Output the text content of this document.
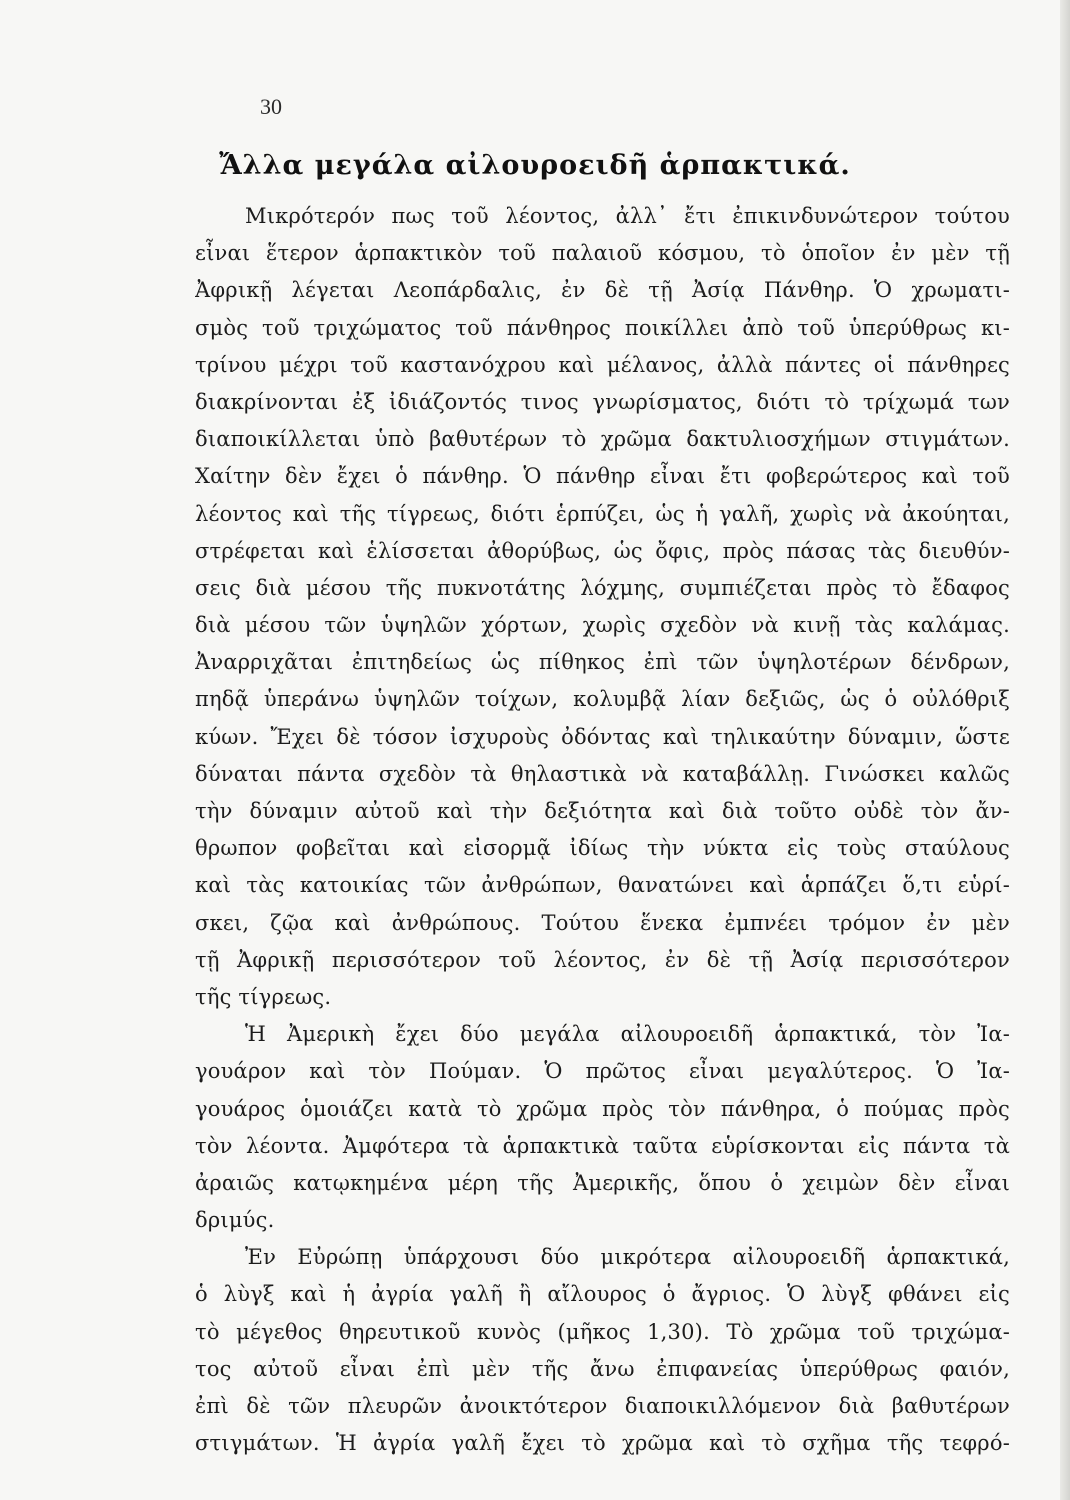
30
Ἄλλα μεγάλα αἰλουροειδῆ ἁρπακτικά.
Μικρότερόν πως τοῦ λέοντος, ἀλλ᾽ ἔτι ἐπικινδυνώτερον τούτου
εἶναι ἕτερον ἁρπακτικὸν τοῦ παλαιοῦ κόσμου, τὸ ὁποῖον ἐν μὲν τῇ
Ἀφρικῇ λέγεται Λεοπάρδαλις, ἐν δὲ τῇ Ἀσίᾳ Πάνθηρ. Ὁ χρωματι-
σμὸς τοῦ τριχώματος τοῦ πάνθηρος ποικίλλει ἀπὸ τοῦ ὑπερύθρως κι-
τρίνου μέχρι τοῦ καστανόχρου καὶ μέλανος, ἀλλὰ πάντες οἱ πάνθηρες
διακρίνονται ἐξ ἰδιάζοντός τινος γνωρίσματος, διότι τὸ τρίχωμά των
διαποικίλλεται ὑπὸ βαθυτέρων τὸ χρῶμα δακτυλιοσχήμων στιγμάτων.
Χαίτην δὲν ἔχει ὁ πάνθηρ. Ὁ πάνθηρ εἶναι ἔτι φοβερώτερος καὶ τοῦ
λέοντος καὶ τῆς τίγρεως, διότι ἑρπύζει, ὡς ἡ γαλῆ, χωρὶς νὰ ἀκούηται,
στρέφεται καὶ ἑλίσσεται ἀθορύβως, ὡς ὄφις, πρὸς πάσας τὰς διευθύν-
σεις διὰ μέσου τῆς πυκνοτάτης λόχμης, συμπιέζεται πρὸς τὸ ἔδαφος
διὰ μέσου τῶν ὑψηλῶν χόρτων, χωρὶς σχεδὸν νὰ κινῇ τὰς καλάμας.
Ἀναρριχᾶται ἐπιτηδείως ὡς πίθηκος ἐπὶ τῶν ὑψηλοτέρων δένδρων,
πηδᾷ ὑπεράνω ὑψηλῶν τοίχων, κολυμβᾷ λίαν δεξιῶς, ὡς ὁ οὐλόθριξ
κύων. Ἔχει δὲ τόσον ἰσχυροὺς ὀδόντας καὶ τηλικαύτην δύναμιν, ὥστε
δύναται πάντα σχεδὸν τὰ θηλαστικὰ νὰ καταβάλλῃ. Γινώσκει καλῶς
τὴν δύναμιν αὐτοῦ καὶ τὴν δεξιότητα καὶ διὰ τοῦτο οὐδὲ τὸν ἄν-
θρωπον φοβεῖται καὶ εἰσορμᾷ ἰδίως τὴν νύκτα εἰς τοὺς σταύλους
καὶ τὰς κατοικίας τῶν ἀνθρώπων, θανατώνει καὶ ἁρπάζει ὅ,τι εὑρί-
σκει, ζῷα καὶ ἀνθρώπους. Τούτου ἕνεκα ἐμπνέει τρόμον ἐν μὲν
τῇ Ἀφρικῇ περισσότερον τοῦ λέοντος, ἐν δὲ τῇ Ἀσίᾳ περισσότερον
τῆς τίγρεως.
Ἡ Ἀμερικὴ ἔχει δύο μεγάλα αἰλουροειδῆ ἁρπακτικά, τὸν Ἰα-
γουάρον καὶ τὸν Πούμαν. Ὁ πρῶτος εἶναι μεγαλύτερος. Ὁ Ἰα-
γουάρος ὁμοιάζει κατὰ τὸ χρῶμα πρὸς τὸν πάνθηρα, ὁ πούμας πρὸς
τὸν λέοντα. Ἀμφότερα τὰ ἁρπακτικὰ ταῦτα εὑρίσκονται εἰς πάντα τὰ
ἀραιῶς κατῳκημένα μέρη τῆς Ἀμερικῆς, ὅπου ὁ χειμὼν δὲν εἶναι
δριμύς.
Ἐν Εὐρώπῃ ὑπάρχουσι δύο μικρότερα αἰλουροειδῆ ἁρπακτικά,
ὁ λὺγξ καὶ ἡ ἀγρία γαλῆ ἢ αἴλουρος ὁ ἄγριος. Ὁ λὺγξ φθάνει εἰς
τὸ μέγεθος θηρευτικοῦ κυνὸς (μῆκος 1,30). Τὸ χρῶμα τοῦ τριχώμα-
τος αὐτοῦ εἶναι ἐπὶ μὲν τῆς ἄνω ἐπιφανείας ὑπερύθρως φαιόν,
ἐπὶ δὲ τῶν πλευρῶν ἀνοικτότερον διαποικιλλόμενον διὰ βαθυτέρων
στιγμάτων. Ἡ ἀγρία γαλῆ ἔχει τὸ χρῶμα καὶ τὸ σχῆμα τῆς τεφρό-
